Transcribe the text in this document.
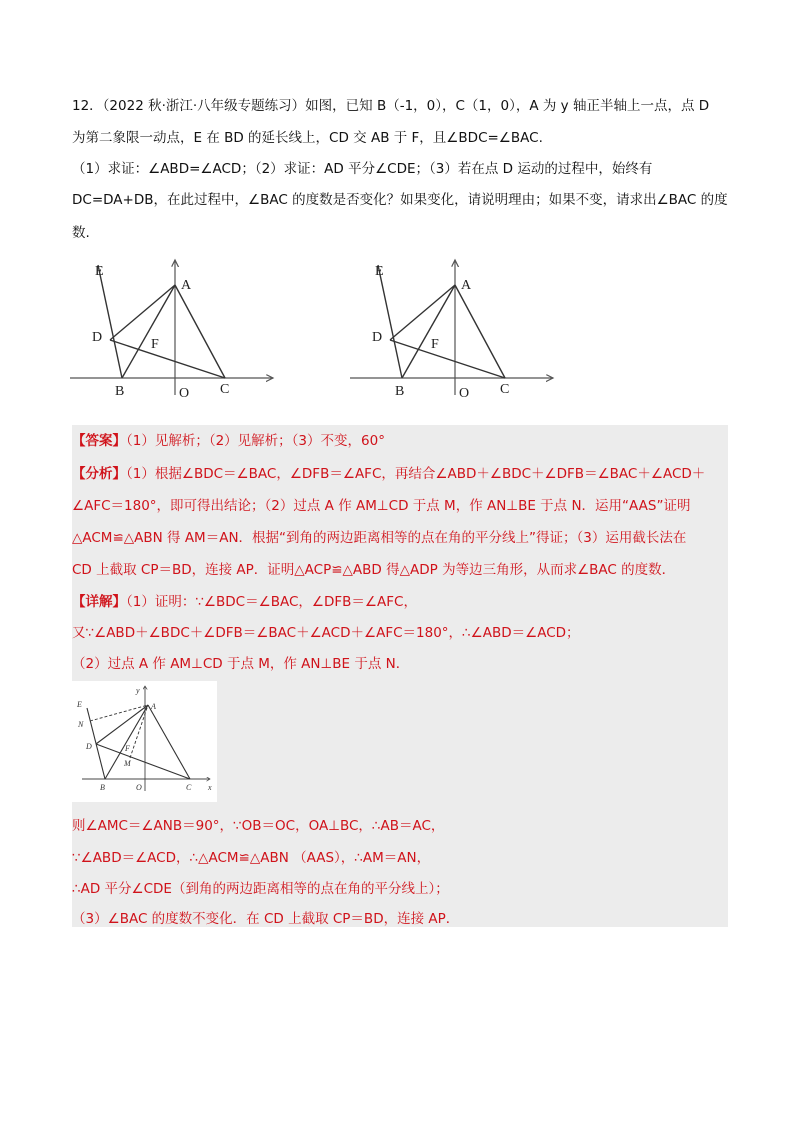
12．（2022 秋·浙江·八年级专题练习）如图，已知 B（-1，0），C（1，0），A 为 y 轴正半轴上一点，点 D
为第二象限一动点，E 在 BD 的延长线上，CD 交 AB 于 F，且∠BDC=∠BAC.
（1）求证：∠ABD=∠ACD；（2）求证：AD 平分∠CDE；（3）若在点 D 运动的过程中，始终有
DC=DA+DB，在此过程中，∠BAC 的度数是否变化？如果变化，请说明理由；如果不变，请求出∠BAC 的度
数.
E
A
D	F
B	O C
E
A
D	F
B	O C
【答案】（1）见解析；（2）见解析；（3）不变，60°
【分析】（1）根据∠BDC＝∠BAC，∠DFB＝∠AFC，再结合∠ABD＋∠BDC＋∠DFB＝∠BAC＋∠ACD＋
∠AFC＝180°，即可得出结论；（2）过点 A 作 AM⊥CD 于点 M，作 AN⊥BE 于点 N．运用“AAS”证明
△ACM≌△ABN 得 AM＝AN．根据“到角的两边距离相等的点在角的平分线上”得证；（3）运用截长法在
CD 上截取 CP＝BD，连接 AP．证明△ACP≌△ABD 得△ADP 为等边三角形，从而求∠BAC 的度数．
【详解】（1）证明：∵∠BDC＝∠BAC，∠DFB＝∠AFC，
又∵∠ABD＋∠BDC＋∠DFB＝∠BAC＋∠ACD＋∠AFC＝180°，∴∠ABD＝∠ACD；
（2）过点 A 作 AM⊥CD 于点 M，作 AN⊥BE 于点 N．
y
A
E
N
D	F
M
B	O	C x
则∠AMC＝∠ANB＝90°，∵OB＝OC，OA⊥BC，∴AB＝AC，
∵∠ABD＝∠ACD，∴△ACM≌△ABN （AAS），∴AM＝AN，
∴AD 平分∠CDE（到角的两边距离相等的点在角的平分线上）；
（3）∠BAC 的度数不变化．在 CD 上截取 CP＝BD，连接 AP．
